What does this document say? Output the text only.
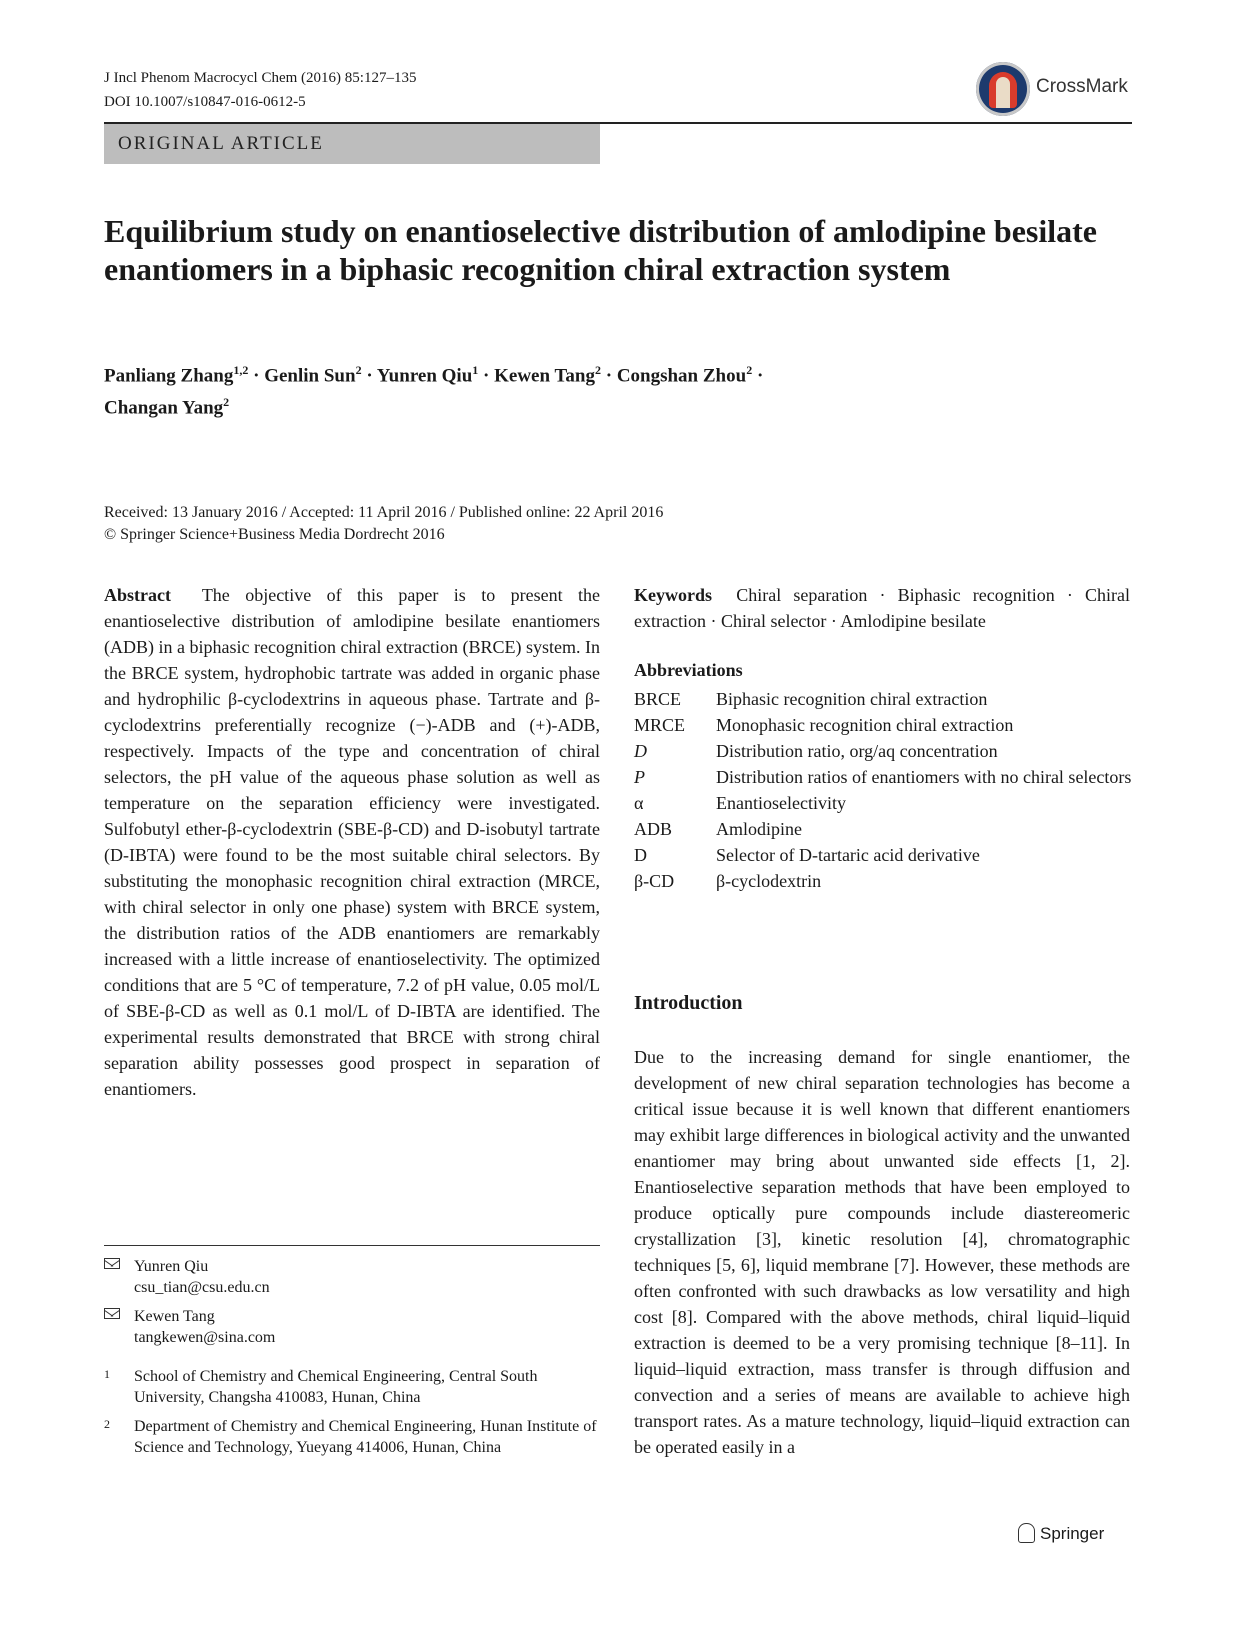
J Incl Phenom Macrocycl Chem (2016) 85:127–135
DOI 10.1007/s10847-016-0612-5
CrossMark
ORIGINAL ARTICLE
Equilibrium study on enantioselective distribution of amlodipine besilate enantiomers in a biphasic recognition chiral extraction system
Panliang Zhang$^{1,2}$ · Genlin Sun$^2$ · Yunren Qiu$^1$ · Kewen Tang$^2$ · Congshan Zhou$^2$ ·
Changan Yang$^2$
Received: 13 January 2016 / Accepted: 11 April 2016 / Published online: 22 April 2016
© Springer Science+Business Media Dordrecht 2016
Abstract The objective of this paper is to present the enantioselective distribution of amlodipine besilate enantiomers (ADB) in a biphasic recognition chiral extraction (BRCE) system. In the BRCE system, hydrophobic tartrate was added in organic phase and hydrophilic β-cyclodextrins in aqueous phase. Tartrate and β-cyclodextrins preferentially recognize (−)-ADB and (+)-ADB, respectively. Impacts of the type and concentration of chiral selectors, the pH value of the aqueous phase solution as well as temperature on the separation efficiency were investigated. Sulfobutyl ether-β-cyclodextrin (SBE-β-CD) and D-isobutyl tartrate (D-IBTA) were found to be the most suitable chiral selectors. By substituting the monophasic recognition chiral extraction (MRCE, with chiral selector in only one phase) system with BRCE system, the distribution ratios of the ADB enantiomers are remarkably increased with a little increase of enantioselectivity. The optimized conditions that are 5 °C of temperature, 7.2 of pH value, 0.05 mol/L of SBE-β-CD as well as 0.1 mol/L of D-IBTA are identified. The experimental results demonstrated that BRCE with strong chiral separation ability possesses good prospect in separation of enantiomers.
Keywords Chiral separation · Biphasic recognition · Chiral extraction · Chiral selector · Amlodipine besilate
Abbreviations
BRCE	Biphasic recognition chiral extraction
MRCE	Monophasic recognition chiral extraction
D	Distribution ratio, org/aq concentration
P	Distribution ratios of enantiomers with no chiral selectors
α	Enantioselectivity
ADB	Amlodipine
D	Selector of D-tartaric acid derivative
β-CD	β-cyclodextrin
Introduction
Due to the increasing demand for single enantiomer, the development of new chiral separation technologies has become a critical issue because it is well known that different enantiomers may exhibit large differences in biological activity and the unwanted enantiomer may bring about unwanted side effects [1, 2]. Enantioselective separation methods that have been employed to produce optically pure compounds include diastereomeric crystallization [3], kinetic resolution [4], chromatographic techniques [5, 6], liquid membrane [7]. However, these methods are often confronted with such drawbacks as low versatility and high cost [8]. Compared with the above methods, chiral liquid–liquid extraction is deemed to be a very promising technique [8–11]. In liquid–liquid extraction, mass transfer is through diffusion and convection and a series of means are available to achieve high transport rates. As a mature technology, liquid–liquid extraction can be operated easily in a
Yunren Qiu
csu_tian@csu.edu.cn
Kewen Tang
tangkewen@sina.com
1 School of Chemistry and Chemical Engineering, Central South University, Changsha 410083, Hunan, China
2 Department of Chemistry and Chemical Engineering, Hunan Institute of Science and Technology, Yueyang 414006, Hunan, China
Springer
